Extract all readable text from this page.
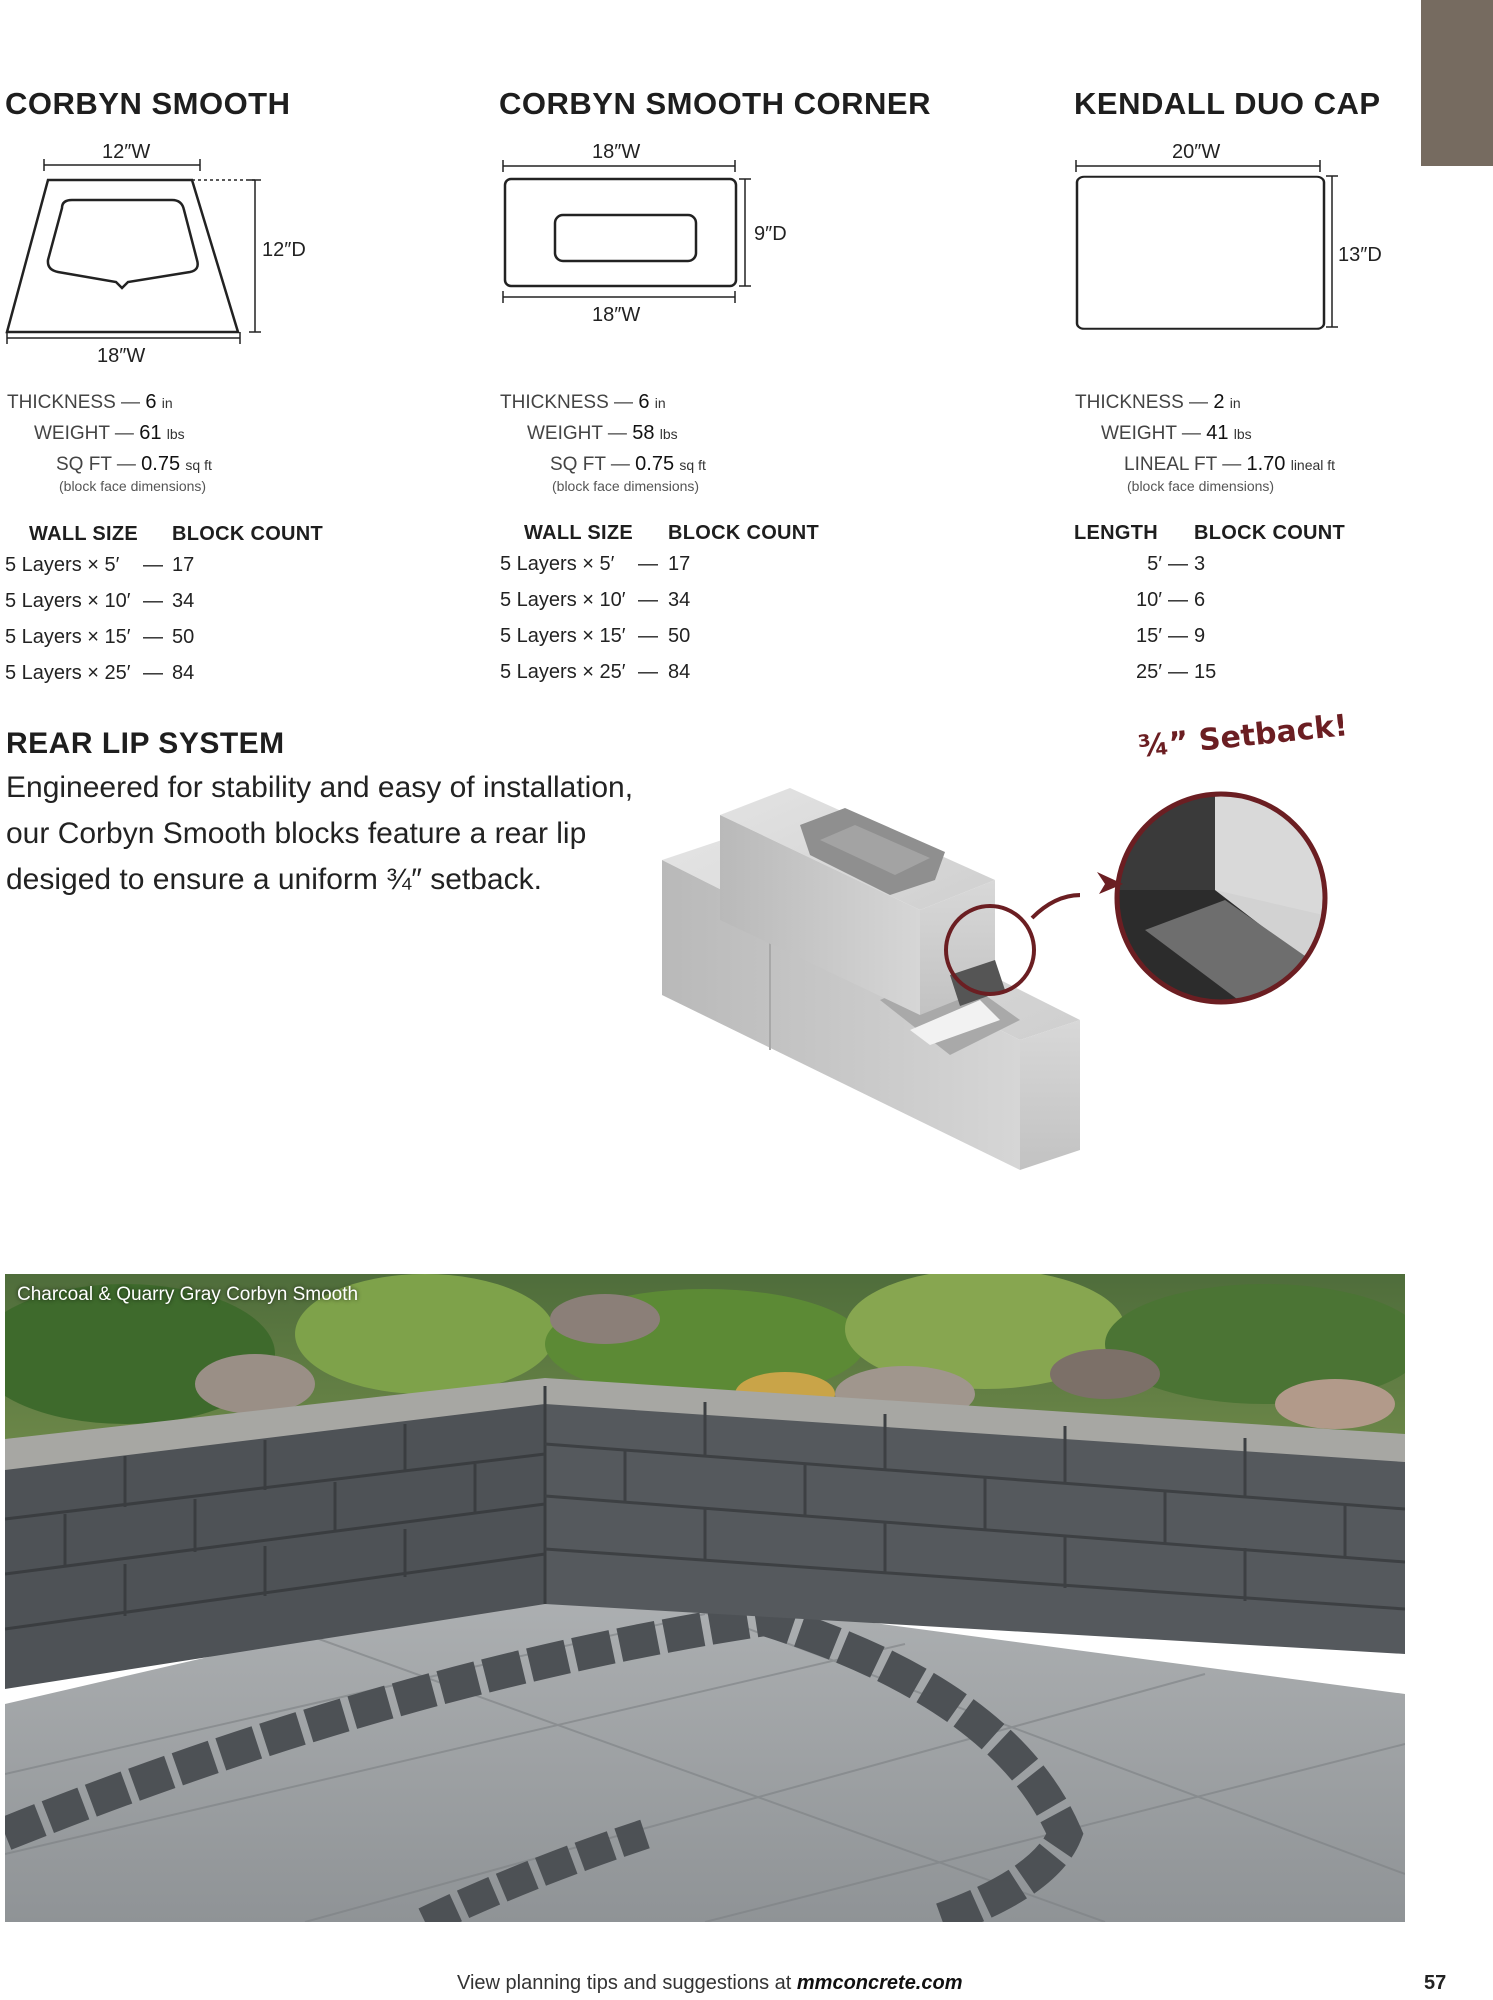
CORBYN SMOOTH
12″W
12″D
18″W
THICKNESS — 6 in
WEIGHT — 61 lbs
SQ FT — 0.75 sq ft
(block face dimensions)
WALL SIZE BLOCK COUNT
5 Layers × 5′ — 17
5 Layers × 10′ — 34
5 Layers × 15′ — 50
5 Layers × 25′ — 84
CORBYN SMOOTH CORNER
18″W
9″D
18″W
THICKNESS — 6 in
WEIGHT — 58 lbs
SQ FT — 0.75 sq ft
(block face dimensions)
WALL SIZE BLOCK COUNT
5 Layers × 5′ — 17
5 Layers × 10′ — 34
5 Layers × 15′ — 50
5 Layers × 25′ — 84
KENDALL DUO CAP
20″W
13″D
THICKNESS — 2 in
WEIGHT — 41 lbs
LINEAL FT — 1.70 lineal ft
(block face dimensions)
LENGTH BLOCK COUNT
5′ — 3
10′ — 6
15′ — 9
25′ — 15
REAR LIP SYSTEM
Engineered for stability and easy of installation, our Corbyn Smooth blocks feature a rear lip desiged to ensure a uniform ¾″ setback.
¾” Setback!
Charcoal & Quarry Gray Corbyn Smooth
View planning tips and suggestions at mmconcrete.com	57
